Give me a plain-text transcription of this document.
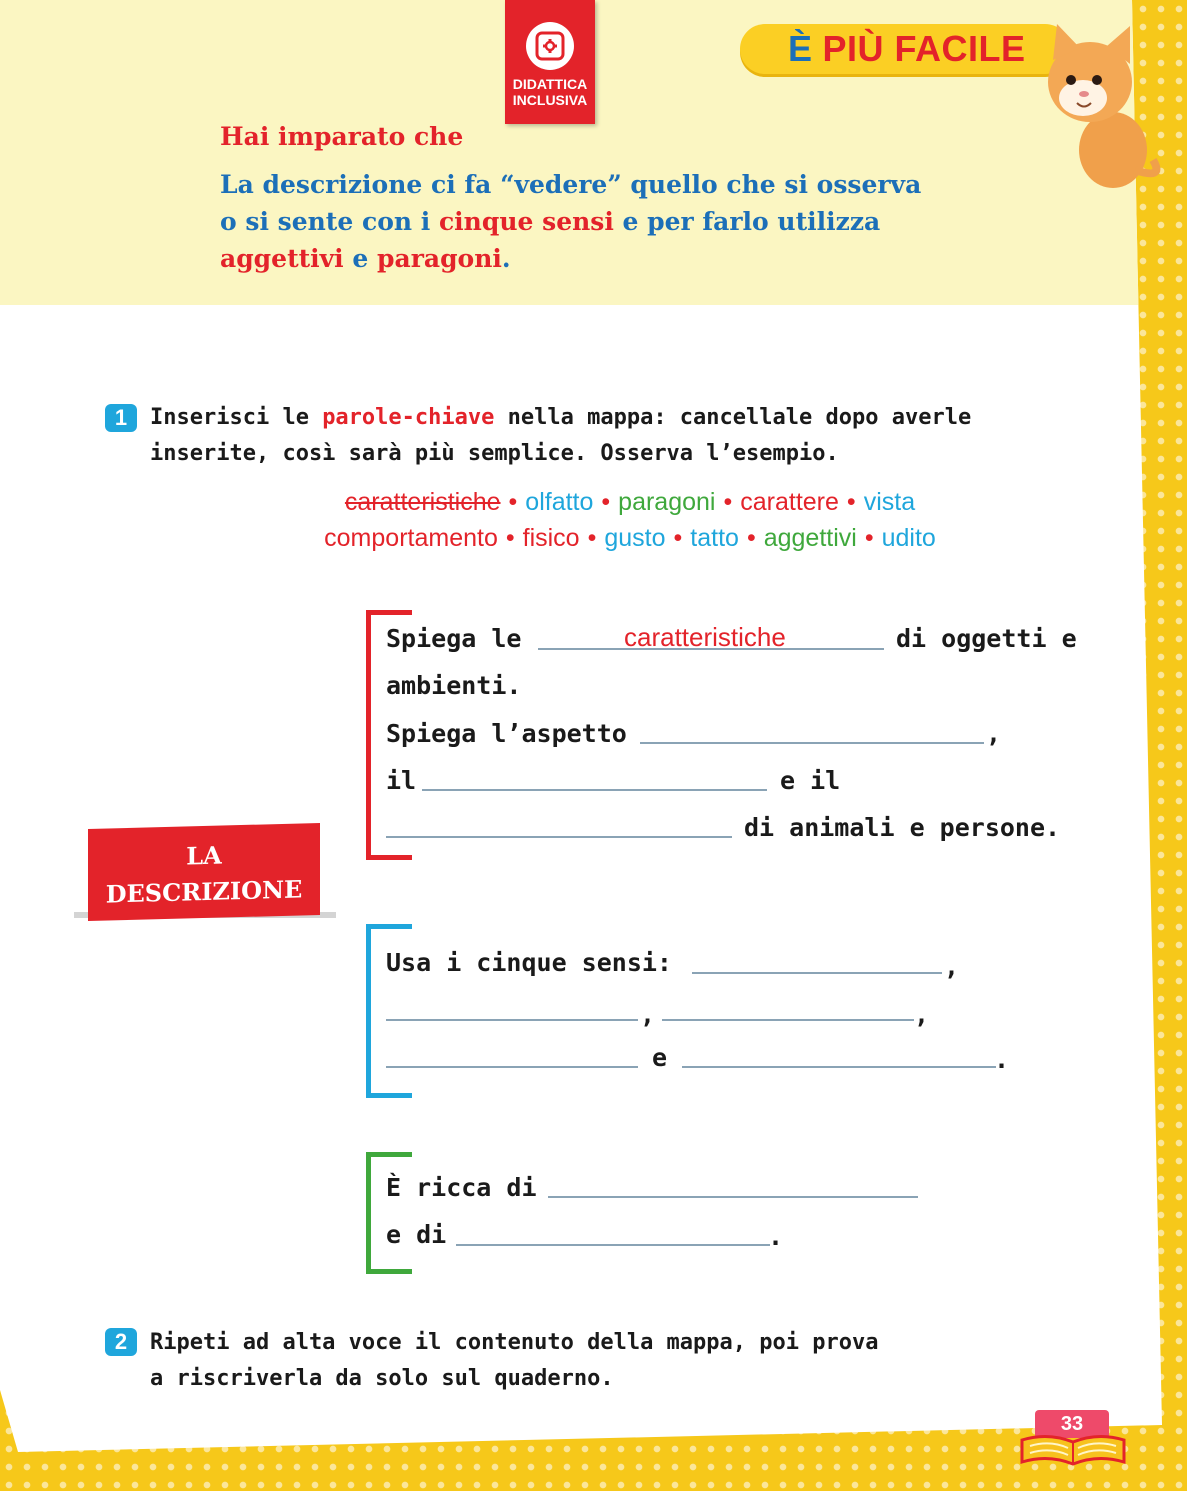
DIDATTICA
INCLUSIVA
È PIÙ FACILE
Hai imparato che
La descrizione ci fa “vedere” quello che si osserva
o si sente con i cinque sensi e per farlo utilizza
aggettivi e paragoni.
1	Inserisci le parole-chiave nella mappa: cancellale dopo averle
inserite, così sarà più semplice. Osserva l’esempio.
caratteristiche • olfatto • paragoni • carattere • vista
comportamento • fisico • gusto • tatto • aggettivi • udito
LA
DESCRIZIONE
Spiega le	caratteristiche	di oggetti e
ambienti.
Spiega l’aspetto	,
il	e il
di animali e persone.
Usa i cinque sensi:	,
,	,
e	.
È ricca di
e di	.
2	Ripeti ad alta voce il contenuto della mappa, poi prova
a riscriverla da solo sul quaderno.
33
